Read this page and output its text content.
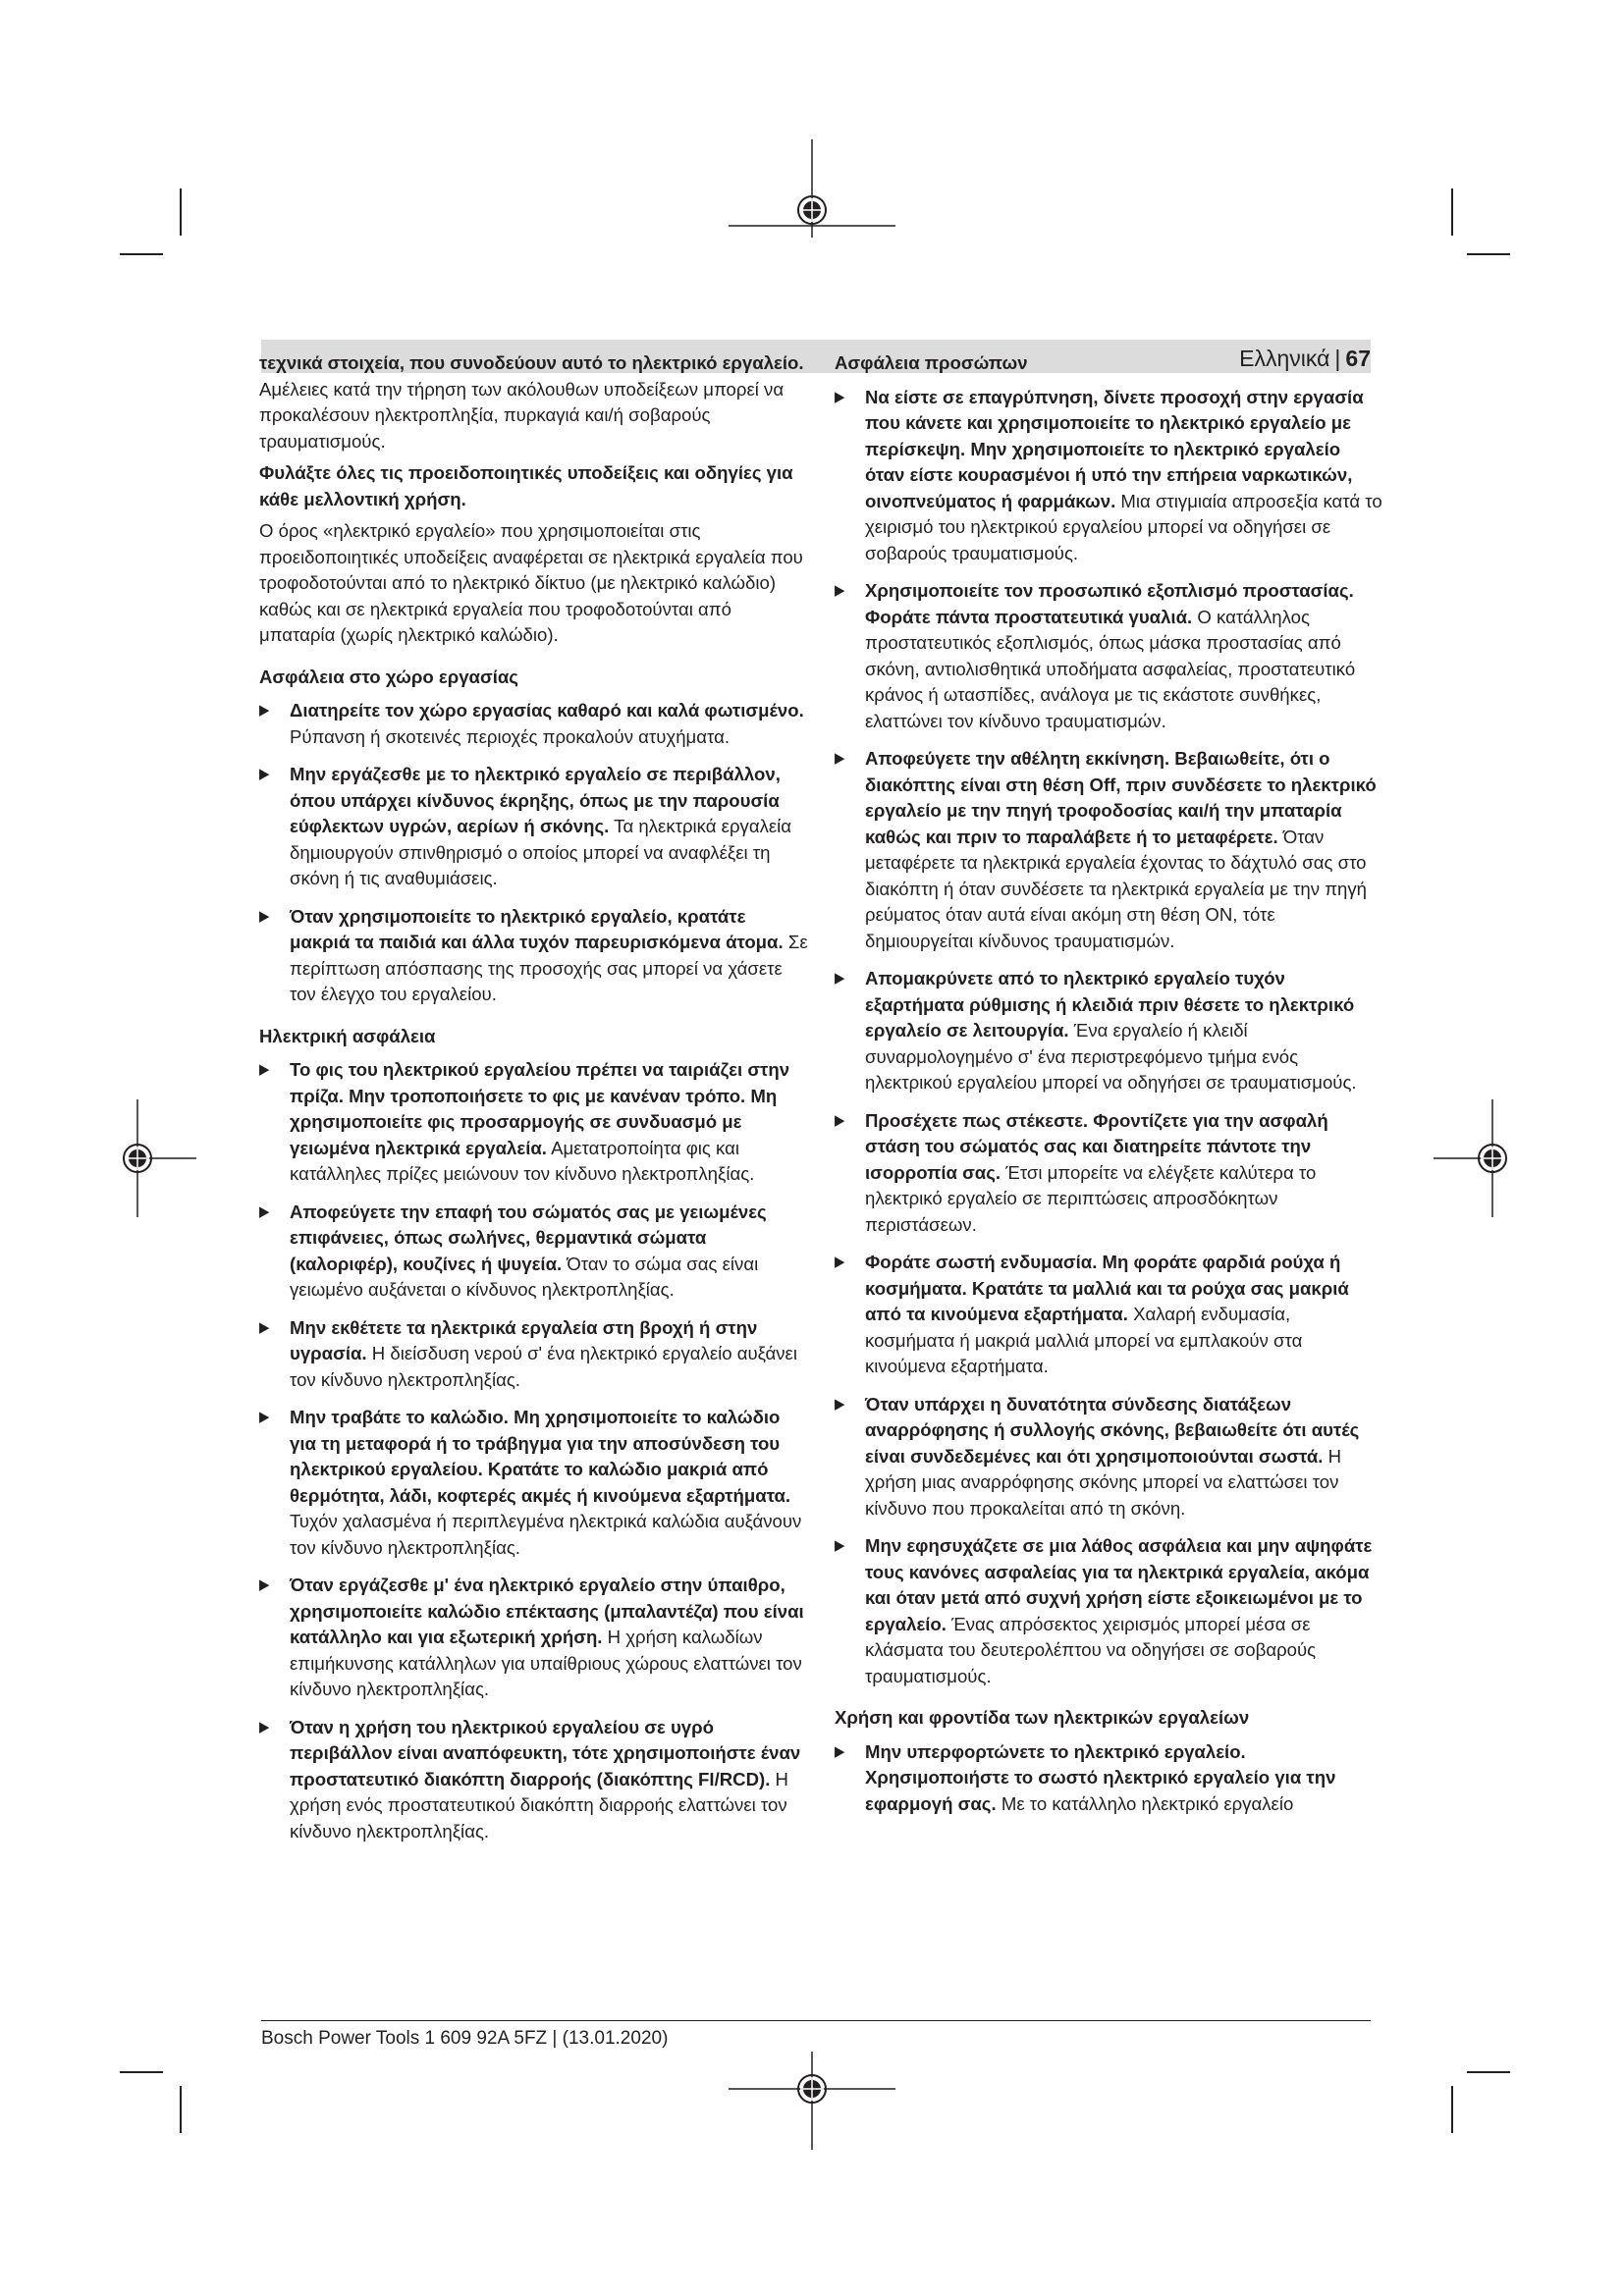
Ελληνικά | 67

τεχνικά στοιχεία, που συνοδεύουν αυτό το ηλεκτρικό εργαλείο. Αμέλειες κατά την τήρηση των ακόλουθων υποδείξεων μπορεί να προκαλέσουν ηλεκτροπληξία, πυρκαγιά και/ή σοβαρούς τραυματισμούς.

Φυλάξτε όλες τις προειδοποιητικές υποδείξεις και οδηγίες για κάθε μελλοντική χρήση.

Ο όρος «ηλεκτρικό εργαλείο» που χρησιμοποιείται στις προειδοποιητικές υποδείξεις αναφέρεται σε ηλεκτρικά εργαλεία που τροφοδοτούνται από το ηλεκτρικό δίκτυο (με ηλεκτρικό καλώδιο) καθώς και σε ηλεκτρικά εργαλεία που τροφοδοτούνται από μπαταρία (χωρίς ηλεκτρικό καλώδιο).

Ασφάλεια στο χώρο εργασίας
▶ Διατηρείτε τον χώρο εργασίας καθαρό και καλά φωτισμένο. Ρύπανση ή σκοτεινές περιοχές προκαλούν ατυχήματα.

▶ Μην εργάζεσθε με το ηλεκτρικό εργαλείο σε περιβάλλον, όπου υπάρχει κίνδυνος έκρηξης, όπως με την παρουσία εύφλεκτων υγρών, αερίων ή σκόνης. Τα ηλεκτρικά εργαλεία δημιουργούν σπινθηρισμό ο οποίος μπορεί να αναφλέξει τη σκόνη ή τις αναθυμιάσεις.

▶ Όταν χρησιμοποιείτε το ηλεκτρικό εργαλείο, κρατάτε μακριά τα παιδιά και άλλα τυχόν παρευρισκόμενα άτομα. Σε περίπτωση απόσπασης της προσοχής σας μπορεί να χάσετε τον έλεγχο του εργαλείου.

Ηλεκτρική ασφάλεια
▶ Το φις του ηλεκτρικού εργαλείου πρέπει να ταιριάζει στην πρίζα. Μην τροποποιήσετε το φις με κανέναν τρόπο. Μη χρησιμοποιείτε φις προσαρμογής σε συνδυασμό με γειωμένα ηλεκτρικά εργαλεία. Αμετατροποίητα φις και κατάλληλες πρίζες μειώνουν τον κίνδυνο ηλεκτροπληξίας.

▶ Αποφεύγετε την επαφή του σώματός σας με γειωμένες επιφάνειες, όπως σωλήνες, θερμαντικά σώματα (καλοριφέρ), κουζίνες ή ψυγεία. Όταν το σώμα σας είναι γειωμένο αυξάνεται ο κίνδυνος ηλεκτροπληξίας.

▶ Μην εκθέτετε τα ηλεκτρικά εργαλεία στη βροχή ή στην υγρασία. Η διείσδυση νερού σ' ένα ηλεκτρικό εργαλείο αυξάνει τον κίνδυνο ηλεκτροπληξίας.

▶ Μην τραβάτε το καλώδιο. Μη χρησιμοποιείτε το καλώδιο για τη μεταφορά ή το τράβηγμα για την αποσύνδεση του ηλεκτρικού εργαλείου. Κρατάτε το καλώδιο μακριά από θερμότητα, λάδι, κοφτερές ακμές ή κινούμενα εξαρτήματα. Τυχόν χαλασμένα ή περιπλεγμένα ηλεκτρικά καλώδια αυξάνουν τον κίνδυνο ηλεκτροπληξίας.

▶ Όταν εργάζεσθε μ' ένα ηλεκτρικό εργαλείο στην ύπαιθρο, χρησιμοποιείτε καλώδιο επέκτασης (μπαλαντέζα) που είναι κατάλληλο και για εξωτερική χρήση. Η χρήση καλωδίων επιμήκυνσης κατάλληλων για υπαίθριους χώρους ελαττώνει τον κίνδυνο ηλεκτροπληξίας.

▶ Όταν η χρήση του ηλεκτρικού εργαλείου σε υγρό περιβάλλον είναι αναπόφευκτη, τότε χρησιμοποιήστε έναν προστατευτικό διακόπτη διαρροής (διακόπτης FI/RCD). Η χρήση ενός προστατευτικού διακόπτη διαρροής ελαττώνει τον κίνδυνο ηλεκτροπληξίας.

Ασφάλεια προσώπων
▶ Να είστε σε επαγρύπνηση, δίνετε προσοχή στην εργασία που κάνετε και χρησιμοποιείτε το ηλεκτρικό εργαλείο με περίσκεψη. Μην χρησιμοποιείτε το ηλεκτρικό εργαλείο όταν είστε κουρασμένοι ή υπό την επήρεια ναρκωτικών, οινοπνεύματος ή φαρμάκων. Μια στιγμιαία απροσεξία κατά το χειρισμό του ηλεκτρικού εργαλείου μπορεί να οδηγήσει σε σοβαρούς τραυματισμούς.

▶ Χρησιμοποιείτε τον προσωπικό εξοπλισμό προστασίας. Φοράτε πάντα προστατευτικά γυαλιά. Ο κατάλληλος προστατευτικός εξοπλισμός, όπως μάσκα προστασίας από σκόνη, αντιολισθητικά υποδήματα ασφαλείας, προστατευτικό κράνος ή ωτασπίδες, ανάλογα με τις εκάστοτε συνθήκες, ελαττώνει τον κίνδυνο τραυματισμών.

▶ Αποφεύγετε την αθέλητη εκκίνηση. Βεβαιωθείτε, ότι ο διακόπτης είναι στη θέση Off, πριν συνδέσετε το ηλεκτρικό εργαλείο με την πηγή τροφοδοσίας και/ή την μπαταρία καθώς και πριν το παραλάβετε ή το μεταφέρετε. Όταν μεταφέρετε τα ηλεκτρικά εργαλεία έχοντας το δάχτυλό σας στο διακόπτη ή όταν συνδέσετε τα ηλεκτρικά εργαλεία με την πηγή ρεύματος όταν αυτά είναι ακόμη στη θέση ON, τότε δημιουργείται κίνδυνος τραυματισμών.

▶ Απομακρύνετε από το ηλεκτρικό εργαλείο τυχόν εξαρτήματα ρύθμισης ή κλειδιά πριν θέσετε το ηλεκτρικό εργαλείο σε λειτουργία. Ένα εργαλείο ή κλειδί συναρμολογημένο σ' ένα περιστρεφόμενο τμήμα ενός ηλεκτρικού εργαλείου μπορεί να οδηγήσει σε τραυματισμούς.

▶ Προσέχετε πως στέκεστε. Φροντίζετε για την ασφαλή στάση του σώματός σας και διατηρείτε πάντοτε την ισορροπία σας. Έτσι μπορείτε να ελέγξετε καλύτερα το ηλεκτρικό εργαλείο σε περιπτώσεις απροσδόκητων περιστάσεων.

▶ Φοράτε σωστή ενδυμασία. Μη φοράτε φαρδιά ρούχα ή κοσμήματα. Κρατάτε τα μαλλιά και τα ρούχα σας μακριά από τα κινούμενα εξαρτήματα. Χαλαρή ενδυμασία, κοσμήματα ή μακριά μαλλιά μπορεί να εμπλακούν στα κινούμενα εξαρτήματα.

▶ Όταν υπάρχει η δυνατότητα σύνδεσης διατάξεων αναρρόφησης ή συλλογής σκόνης, βεβαιωθείτε ότι αυτές είναι συνδεδεμένες και ότι χρησιμοποιούνται σωστά. Η χρήση μιας αναρρόφησης σκόνης μπορεί να ελαττώσει τον κίνδυνο που προκαλείται από τη σκόνη.

▶ Μην εφησυχάζετε σε μια λάθος ασφάλεια και μην αψηφάτε τους κανόνες ασφαλείας για τα ηλεκτρικά εργαλεία, ακόμα και όταν μετά από συχνή χρήση είστε εξοικειωμένοι με το εργαλείο. Ένας απρόσεκτος χειρισμός μπορεί μέσα σε κλάσματα του δευτερολέπτου να οδηγήσει σε σοβαρούς τραυματισμούς.

Χρήση και φροντίδα των ηλεκτρικών εργαλείων
▶ Μην υπερφορτώνετε το ηλεκτρικό εργαλείο. Χρησιμοποιήστε το σωστό ηλεκτρικό εργαλείο για την εφαρμογή σας. Με το κατάλληλο ηλεκτρικό εργαλείο

Bosch Power Tools 1 609 92A 5FZ | (13.01.2020)
